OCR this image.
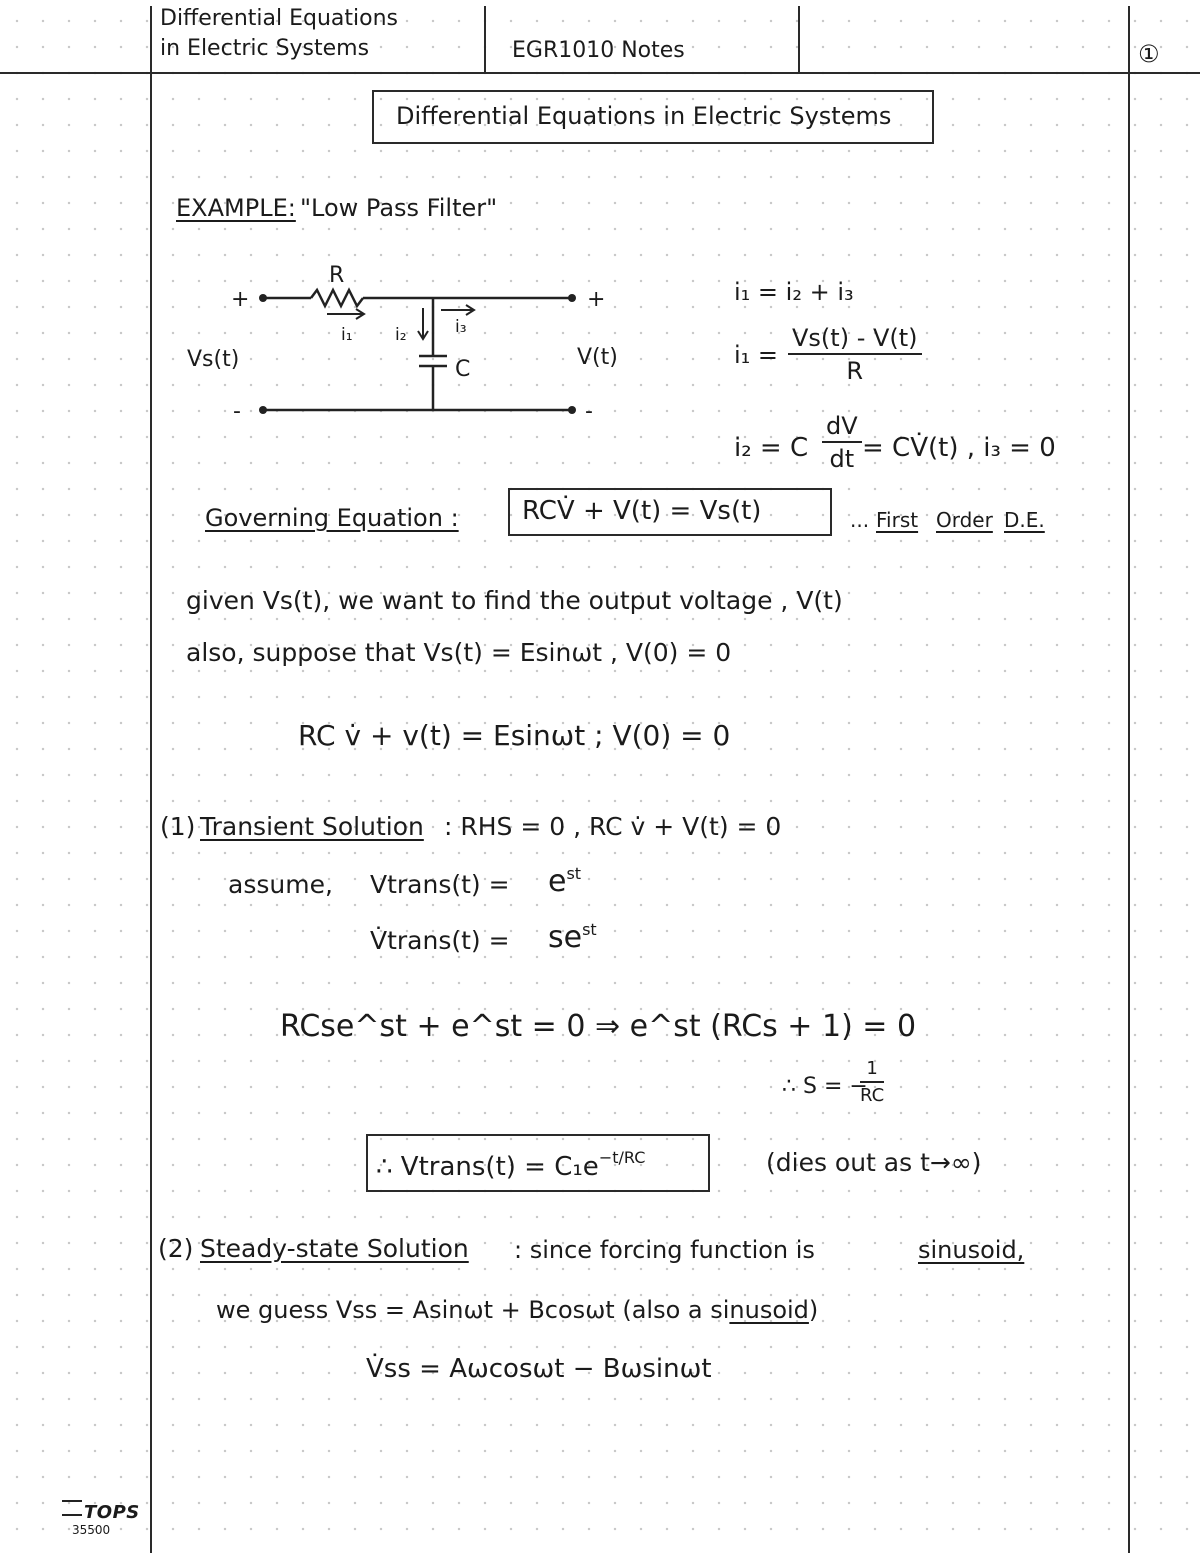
Differential Equations
in Electric Systems	EGR1010 Notes	①
Differential Equations in Electric Systems
EXAMPLE: "Low Pass Filter"
R
+
-
+
-
i₁ i₂	i₃
C
Vs(t)	V(t)
i₁ = i₂ + i₃
$i_1 = \frac{Vs(t) - V(t)}{R}$
i₂ = C $\frac{dV}{dt}$ = CV̇(t) , i₃ = 0
Governing Equation : RCV̇ + V(t) = Vs(t)	... First Order D.E.
given Vs(t), we want to find the output voltage , V(t)
also, suppose that Vs(t) = Esinωt , V(0) = 0
RC v̇ + v(t) = Esinωt ; V(0) = 0
(1) Transient Solution : RHS = 0 , RC v̇ + V(t) = 0
assume, Vtrans(t) = $e^{st}$
V̇trans(t) = $se^{st}$
RCse^st + e^st = 0 ⇒ e^st (RCs + 1) = 0
∴ S = −
$\frac{1}{RC}$
∴ Vtrans(t) = $C_1e^{-t/RC}$	(dies out as t→∞)
(2) Steady-state Solution : since forcing function is	sinusoid,
we guess Vss = Asinωt + Bcosωt (also a sinusoid)
V̇ss = Aωcosωt − Bωsinωt
TOPS
35500
